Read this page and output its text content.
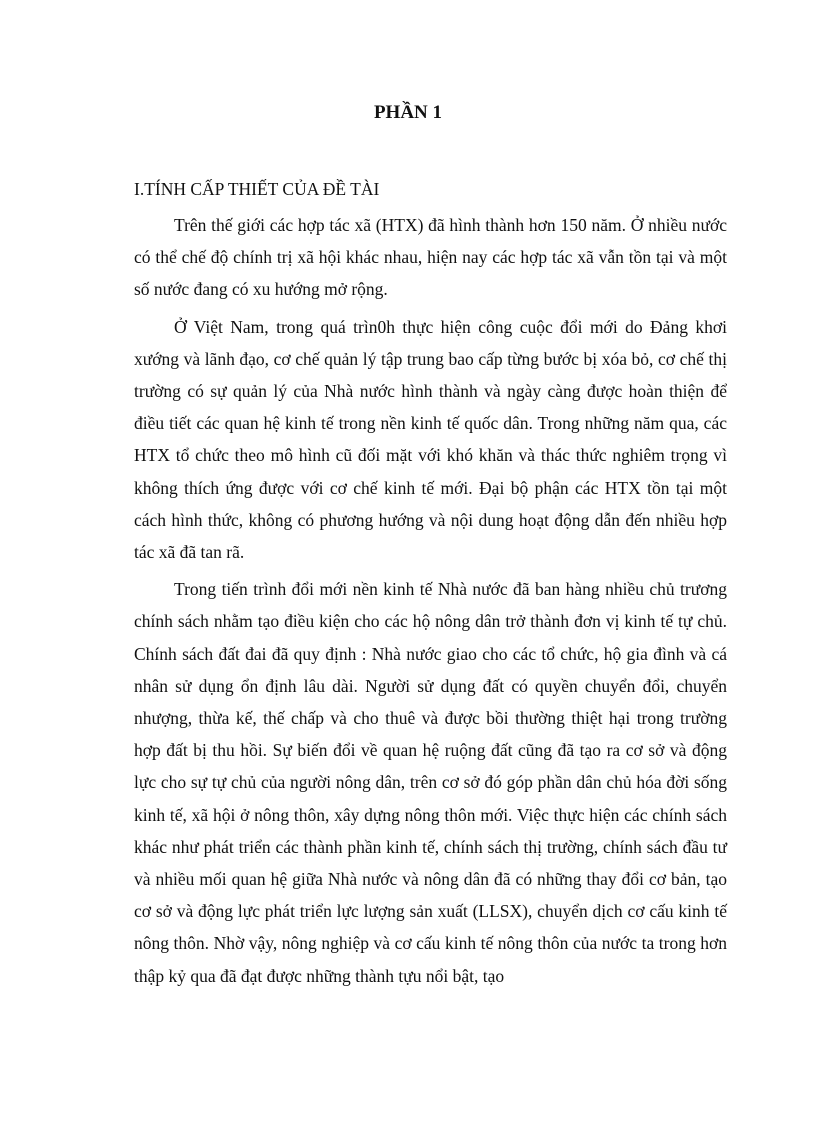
PHẦN 1
I.TÍNH CẤP THIẾT CỦA ĐỀ TÀI

Trên thế giới các hợp tác xã (HTX) đã hình thành hơn 150 năm. Ở nhiều nước có thể chế độ chính trị xã hội khác nhau, hiện nay các hợp tác xã vẫn tồn tại và một số nước đang có xu hướng mở rộng.

Ở Việt Nam, trong quá trìn0h thực hiện công cuộc đổi mới do Đảng khơi xướng và lãnh đạo, cơ chế quản lý tập trung bao cấp từng bước bị xóa bỏ, cơ chế thị trường có sự quản lý của Nhà nước hình thành và ngày càng được hoàn thiện để điều tiết các quan hệ kinh tế trong nền kinh tế quốc dân. Trong những năm qua, các HTX tổ chức theo mô hình cũ đối mặt với khó khăn và thác thức nghiêm trọng vì không thích ứng được với cơ chế kinh tế mới. Đại bộ phận các HTX tồn tại một cách hình thức, không có phương hướng và nội dung hoạt động dẫn đến nhiều hợp tác xã đã tan rã.

Trong tiến trình đổi mới nền kinh tế Nhà nước đã ban hàng nhiều chủ trương chính sách nhằm tạo điều kiện cho các hộ nông dân trở thành đơn vị kinh tế tự chủ. Chính sách đất đai đã quy định : Nhà nước giao cho các tổ chức, hộ gia đình và cá nhân sử dụng ổn định lâu dài. Người sử dụng đất có quyền chuyển đổi, chuyển nhượng, thừa kế, thế chấp và cho thuê và được bồi thường thiệt hại trong trường hợp đất bị thu hồi. Sự biến đổi về quan hệ ruộng đất cũng đã tạo ra cơ sở và động lực cho sự tự chủ của người nông dân, trên cơ sở đó góp phần dân chủ hóa đời sống kinh tế, xã hội ở nông thôn, xây dựng nông thôn mới. Việc thực hiện các chính sách khác như phát triển các thành phần kinh tế, chính sách thị trường, chính sách đầu tư và nhiều mối quan hệ giữa Nhà nước và nông dân đã có những thay đổi cơ bản, tạo cơ sở và động lực phát triển lực lượng sản xuất (LLSX), chuyển dịch cơ cấu kinh tế nông thôn. Nhờ vậy, nông nghiệp và cơ cấu kinh tế nông thôn của nước ta trong hơn thập kỷ qua đã đạt được những thành tựu nổi bật, tạo
